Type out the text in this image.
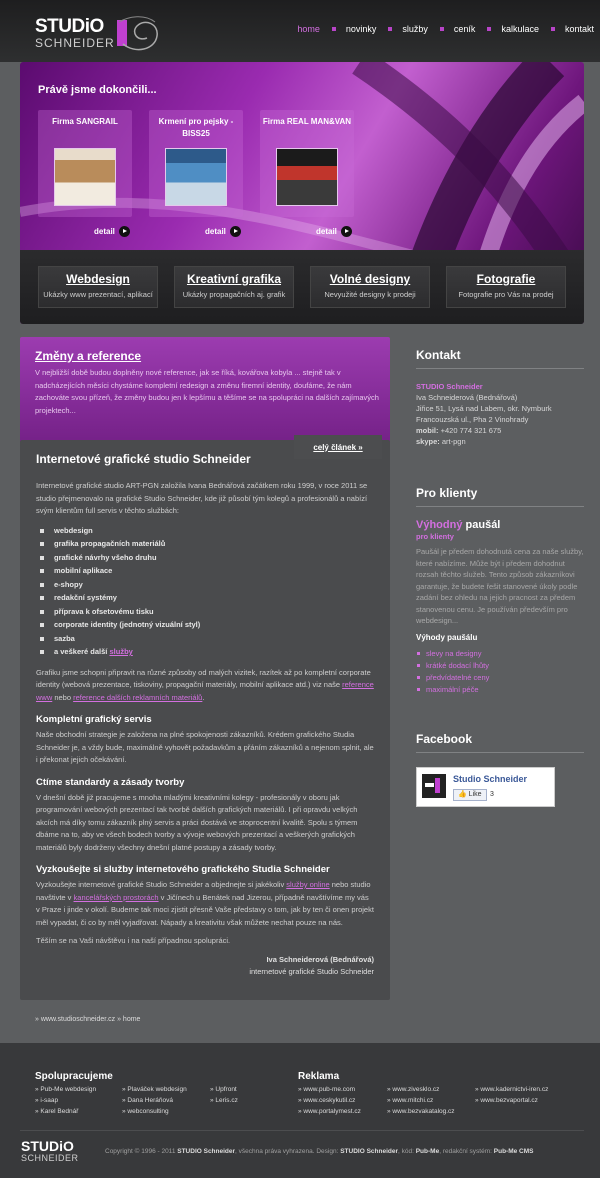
STUDiO
SCHNEIDER
home	novinky	služby	ceník	kalkulace	kontakt
Právě jsme dokončili...
Firma SANGRAIL
detail
Krmení pro pejsky - BISS25
detail
Firma REAL MAN&VAN
detail
Webdesign
Ukázky www prezentací, aplikací
Kreativní grafika
Ukázky propagačních aj. grafik
Volné designy
Nevyužité designy k prodeji
Fotografie
Fotografie pro Vás na prodej
Změny a reference
V nejbližší době budou doplněny nové reference, jak se říká, kovářova kobyla ... stejně tak v nadcházejících měsíci chystáme kompletní redesign a změnu firemní identity, doufáme, že nám zachováte svou přízeň, že změny budou jen k lepšímu a těšíme se na spolupráci na dalších zajímavých projektech...
Internetové grafické studio Schneider

Internetové grafické studio ART-PGN založila Ivana Bednářová začátkem roku 1999, v roce 2011 se studio přejmenovalo na grafické Studio Schneider, kde již působí tým kolegů a profesionálů a nabízí svým klientům full servis v těchto službách:

webdesign
grafika propagačních materiálů
grafické návrhy všeho druhu
mobilní aplikace
e-shopy
redakční systémy
příprava k ofsetovému tisku
corporate identity (jednotný vizuální styl)
sazba
a veškeré další služby

Grafiku jsme schopni připravit na různé způsoby od malých vizitek, razítek až po kompletní corporate identity (webová prezentace, tiskoviny, propagační materiály, mobilní aplikace atd.) viz naše reference www nebo reference dalších reklamních materiálů.

Kompletní grafický servis

Naše obchodní strategie je založena na plné spokojenosti zákazníků. Krédem grafického Studia Schneider je, a vždy bude, maximálně vyhovět požadavkům a přáním zákazníků a nejenom splnit, ale i překonat jejich očekávání.

Ctíme standardy a zásady tvorby

V dnešní době již pracujeme s mnoha mladými kreativními kolegy - profesionály v oboru jak programování webových prezentací tak tvorbě dalších grafických materiálů. I při opravdu velkých akcích má díky tomu zákazník plný servis a práci dostává ve stoprocentní kvalitě. Spolu s týmem dbáme na to, aby ve všech bodech tvorby a vývoje webových prezentací a veškerých grafických materiálů byly dodrženy všechny dnešní platné postupy a zásady tvorby.

Vyzkoušejte si služby internetového grafického Studia Schneider

Vyzkoušejte internetové grafické Studio Schneider a objednejte si jakékoliv služby online nebo studio navštivte v kancelářských prostorách v Jičínech u Benátek nad Jizerou, případně navštívíme my vás v Praze i jinde v okolí. Budeme tak moci zjistit přesně Vaše představy o tom, jak by ten či onen projekt měl vypadat, či co by měl vyjadřovat. Nápady a kreativitu však můžete nechat pouze na nás.

Těším se na Vaši návštěvu i na naší případnou spolupráci.

Iva Schneiderová (Bednářová)
internetové grafické Studio Schneider
celý článek »
» www.studioschneider.cz » home
Kontakt
STUDIO Schneider
Iva Schneiderová (Bednářová)
Jiřice 51, Lysá nad Labem, okr. Nymburk
Francouzská ul., Pha 2 Vinohrady
mobil: +420 774 321 675
skype: art-pgn
Pro klienty
Výhodný paušál
pro klienty
Paušál je předem dohodnutá cena za naše služby, které nabízíme. Může být i předem dohodnut rozsah těchto služeb. Tento způsob zákazníkovi garantuje, že budete řešit stanovené úkoly podle zadání bez ohledu na jejich pracnost za předem stanovenou cenu. Je používán především pro webdesign...
Výhody paušálu
slevy na designy
krátké dodací lhůty
předvídatelné ceny
maximální péče
Facebook
Studio Schneider
👍 Like	3
Spolupracujeme
» Pub-Me webdesign
» i-saap
» Karel Bednář
» Plaváček webdesign
» Dana Heráňová
» webconsulting
» Upfront
» Leris.cz
Reklama
» www.pub-me.com
» www.ceskykutil.cz
» www.portalymest.cz
» www.zivesklo.cz
» www.mitchi.cz
» www.bezvakatalog.cz
» www.kadernictvi-iren.cz
» www.bezvaportal.cz
STUDiO
SCHNEIDER
Copyright © 1996 - 2011 STUDIO Schneider, všechna práva vyhrazena. Design: STUDIO Schneider, kód: Pub-Me, redakční systém: Pub-Me CMS
